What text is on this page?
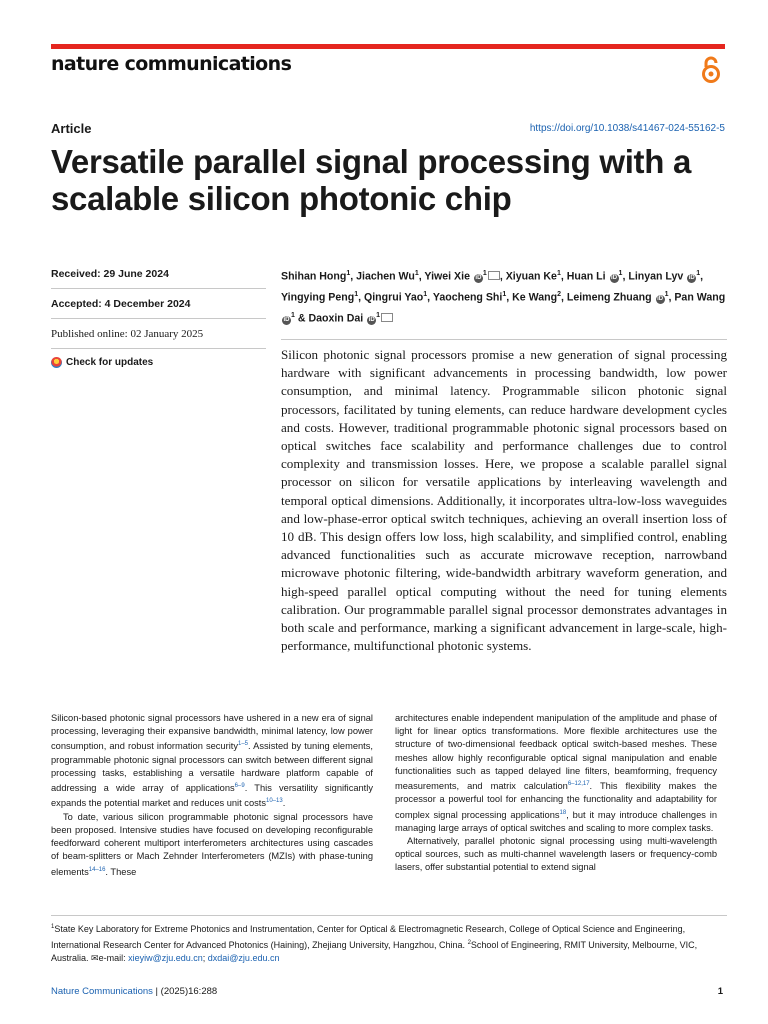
nature communications
Article	https://doi.org/10.1038/s41467-024-55162-5
Versatile parallel signal processing with a
scalable silicon photonic chip
Received: 29 June 2024
Accepted: 4 December 2024
Published online: 02 January 2025
Check for updates
Shihan Hong$^1$, Jiachen Wu$^1$, Yiwei Xie $iD^1$ , Xiyuan Ke$^1$, Huan Li $iD^1$, Linyan Lyv $iD^1$, Yingying Peng$^1$, Qingrui Yao$^1$, Yaocheng Shi$^1$, Ke Wang$^2$, Leimeng Zhuang $iD^1$, Pan Wang $iD^1$ & Daoxin Dai $iD^1$

Silicon photonic signal processors promise a new generation of signal processing hardware with significant advancements in processing bandwidth, low power consumption, and minimal latency. Programmable silicon photonic signal processors, facilitated by tuning elements, can reduce hardware development cycles and costs. However, traditional programmable photonic signal processors based on optical switches face scalability and performance challenges due to control complexity and transmission losses. Here, we propose a scalable parallel signal processor on silicon for versatile applications by interleaving wavelength and temporal optical dimensions. Additionally, it incorporates ultra-low-loss waveguides and low-phase-error optical switch techniques, achieving an overall insertion loss of 10 dB. This design offers low loss, high scalability, and simplified control, enabling advanced functionalities such as accurate microwave reception, narrowband microwave photonic filtering, wide-bandwidth arbitrary waveform generation, and high-speed parallel optical computing without the need for tuning elements calibration. Our programmable parallel signal processor demonstrates advantages in both scale and performance, marking a significant advancement in large-scale, high-performance, multifunctional photonic systems.

Silicon-based photonic signal processors have ushered in a new era of signal processing, leveraging their expansive bandwidth, minimal latency, low power consumption, and robust information security$^{1-5}$. Assisted by tuning elements, programmable photonic signal processors can switch between different signal processing tasks, establishing a versatile hardware platform capable of addressing a wide array of applications$^{6-9}$. This versatility significantly expands the potential market and reduces unit costs$^{10-13}$.

To date, various silicon programmable photonic signal processors have been proposed. Intensive studies have focused on developing reconfigurable feedforward coherent multiport interferometers architectures using cascades of beam-splitters or Mach Zehnder Interferometers (MZIs) with phase-tuning elements$^{14-16}$. These

architectures enable independent manipulation of the amplitude and phase of light for linear optics transformations. More flexible architectures use the structure of two-dimensional feedback optical switch-based meshes. These meshes allow highly reconfigurable optical signal manipulation and enable functionalities such as tapped delayed line filters, beamforming, frequency measurements, and matrix calculation$^{6-12,17}$. This flexibility makes the processor a powerful tool for enhancing the functionality and adaptability for complex signal processing applications$^{18}$, but it may introduce challenges in managing large arrays of optical switches and scaling to more complex tasks.

Alternatively, parallel photonic signal processing using multi-wavelength optical sources, such as multi-channel wavelength lasers or frequency-comb lasers, offer substantial potential to extend signal

$^1$State Key Laboratory for Extreme Photonics and Instrumentation, Center for Optical & Electromagnetic Research, College of Optical Science and Engineering, International Research Center for Advanced Photonics (Haining), Zhejiang University, Hangzhou, China. $^2$School of Engineering, RMIT University, Melbourne, VIC, Australia. ✉e-mail: xieyiw@zju.edu.cn; dxdai@zju.edu.cn

Nature Communications | (2025)16:288	1
